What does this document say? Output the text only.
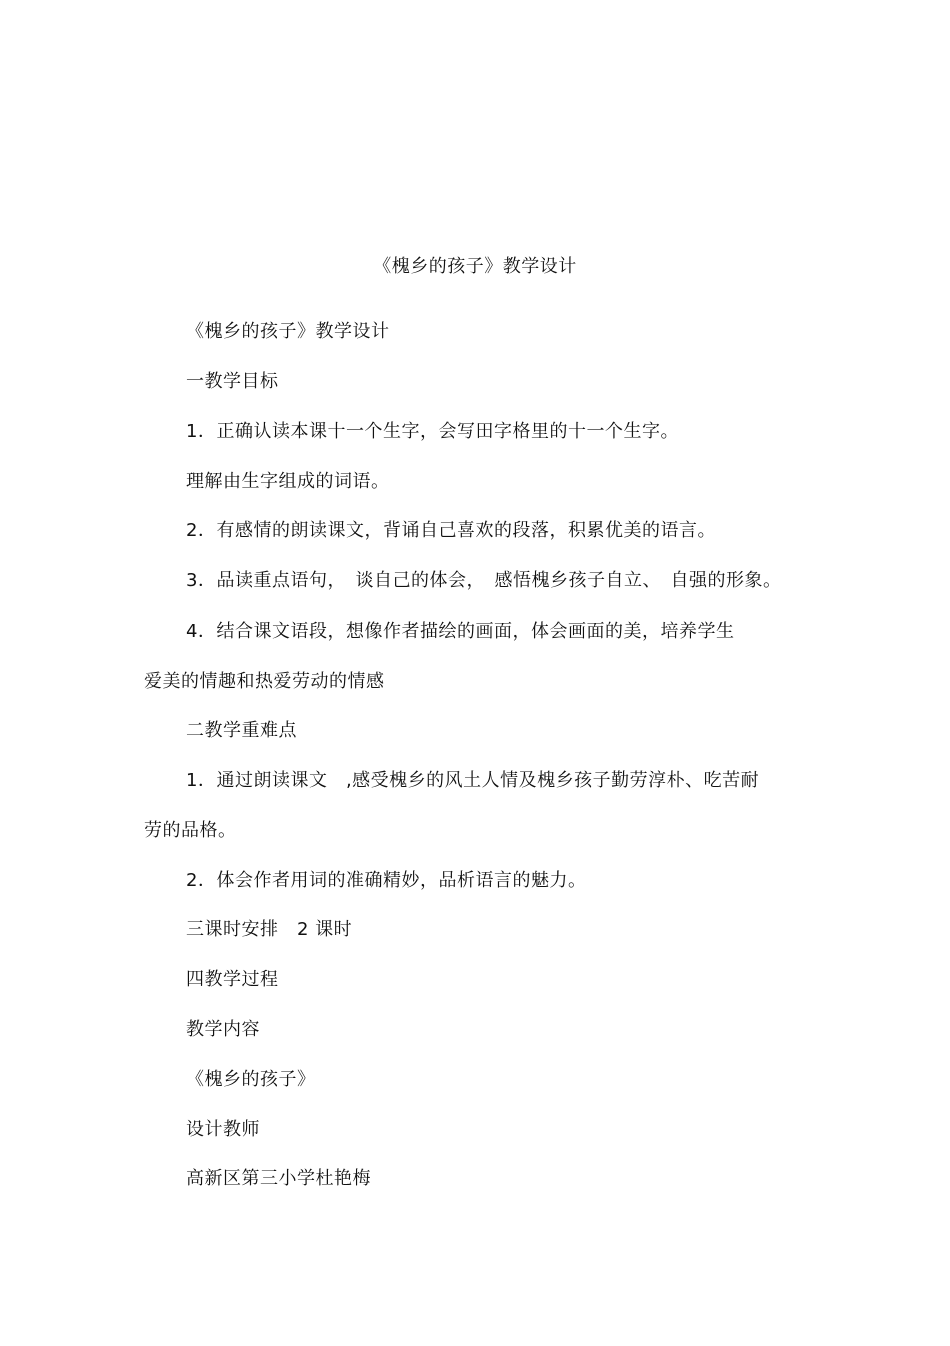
《槐乡的孩子》教学设计
《槐乡的孩子》教学设计
一教学目标
1．正确认读本课十一个生字，会写田字格里的十一个生字。
理解由生字组成的词语。
2．有感情的朗读课文，背诵自己喜欢的段落，积累优美的语言。
3．品读重点语句，　谈自己的体会，　感悟槐乡孩子自立、　自强的形象。
4．结合课文语段，想像作者描绘的画面，体会画面的美，培养学生
爱美的情趣和热爱劳动的情感
二教学重难点
1．通过朗读课文　,感受槐乡的风土人情及槐乡孩子勤劳淳朴、吃苦耐
劳的品格。
2．体会作者用词的准确精妙，品析语言的魅力。
三课时安排　2 课时
四教学过程
教学内容
《槐乡的孩子》
设计教师
高新区第三小学杜艳梅
